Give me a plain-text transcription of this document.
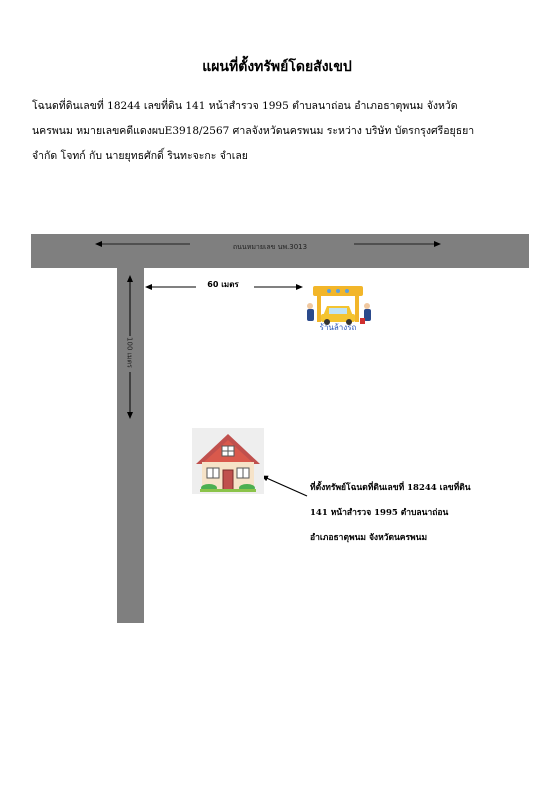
แผนที่ตั้งทรัพย์โดยสังเขป
โฉนดที่ดินเลขที่ 18244 เลขที่ดิน 141 หน้าสำรวจ 1995 ตำบลนาถ่อน อำเภอธาตุพนม จังหวัด
นครพนม หมายเลขคดีแดงผบE3918/2567 ศาลจังหวัดนครพนม ระหว่าง บริษัท บัตรกรุงศรีอยุธยา
จำกัด โจทก์ กับ นายยุทธศักดิ์ รินทะจะกะ จำเลย
ถนนหมายเลข นพ.3013
100 เมตร
60 เมตร
ร้านล้างรถ
ที่ตั้งทรัพย์โฉนดที่ดินเลขที่ 18244 เลขที่ดิน
141 หน้าสำรวจ 1995 ตำบลนาถ่อน
อำเภอธาตุพนม จังหวัดนครพนม
